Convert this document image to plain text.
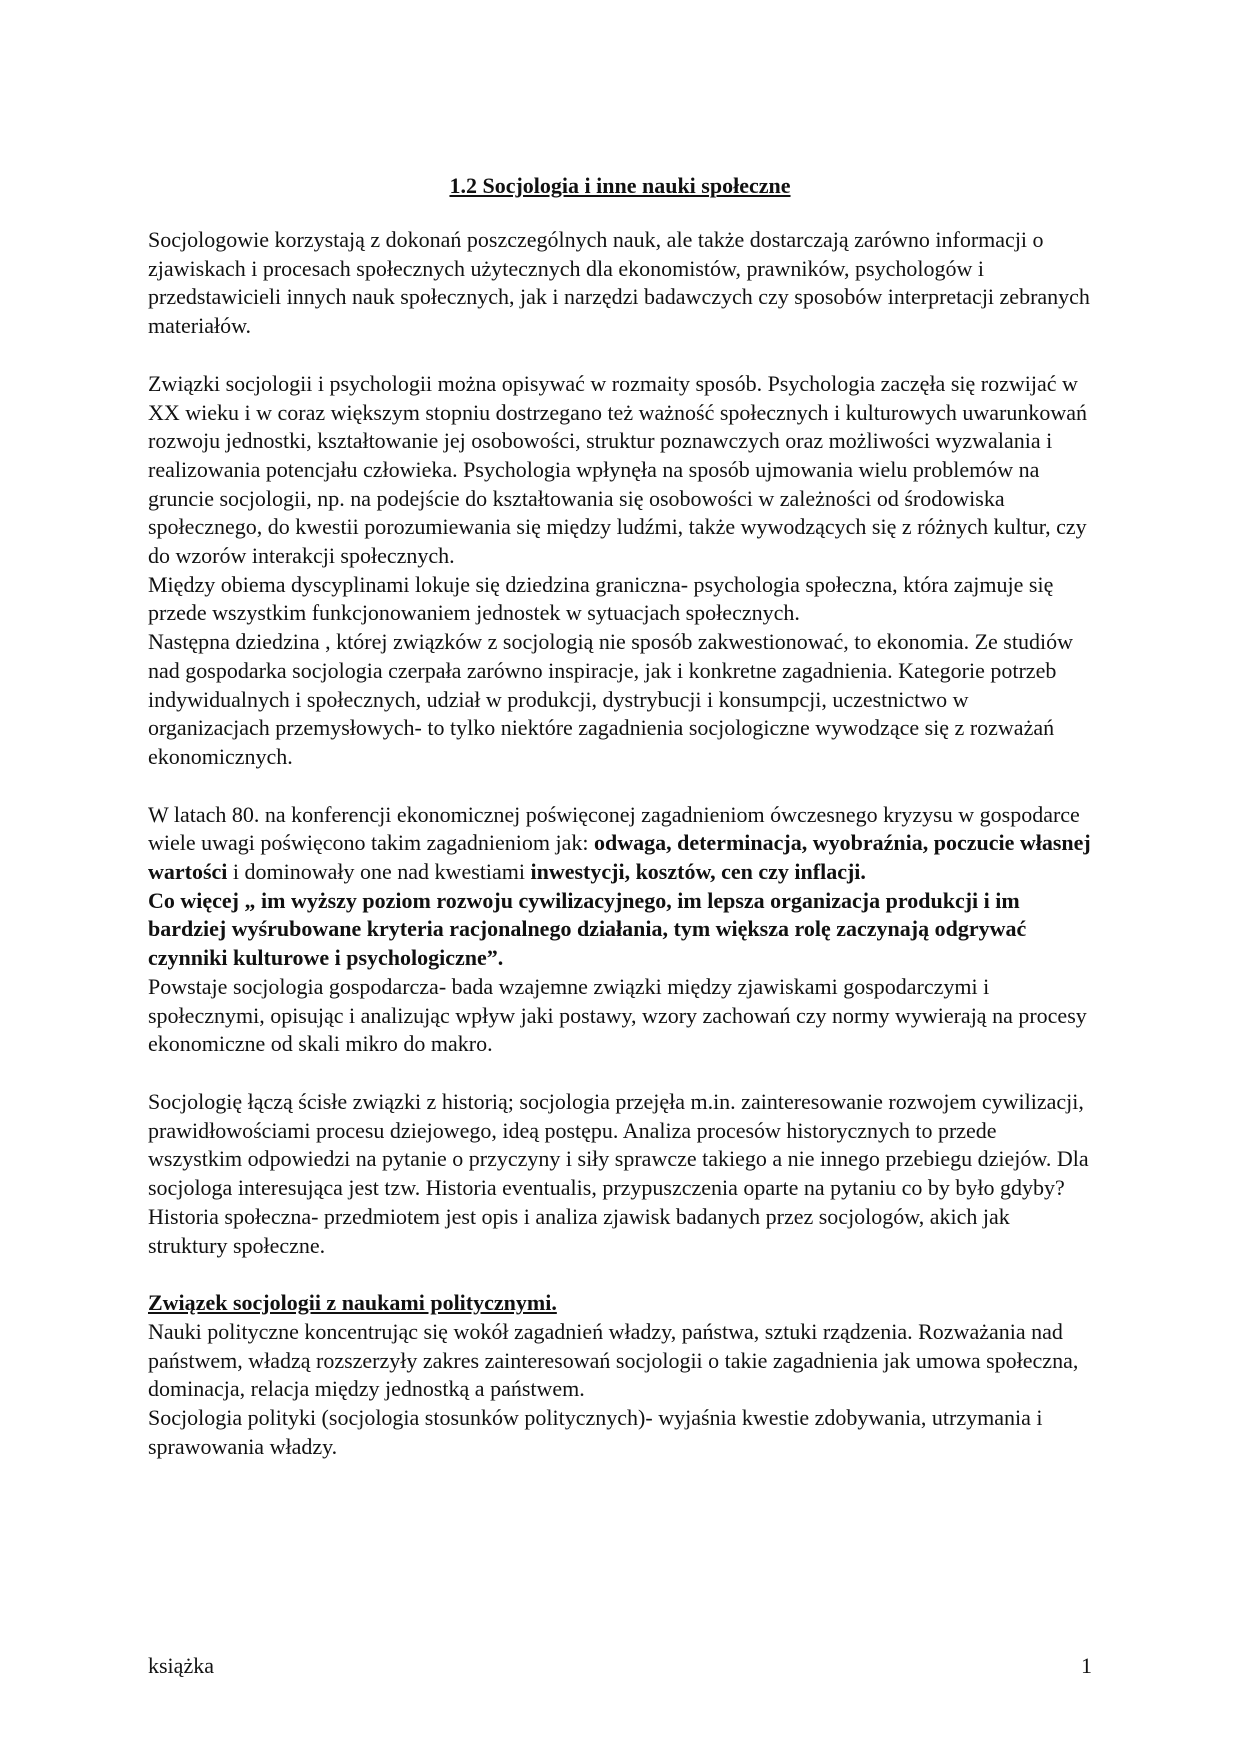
1.2 Socjologia i inne nauki społeczne

Socjologowie korzystają z dokonań poszczególnych nauk, ale także dostarczają zarówno informacji o zjawiskach i procesach społecznych użytecznych dla ekonomistów, prawników, psychologów i przedstawicieli innych nauk społecznych, jak i narzędzi badawczych czy sposobów interpretacji zebranych materiałów.

Związki socjologii i psychologii można opisywać w rozmaity sposób. Psychologia zaczęła się rozwijać w XX wieku i w coraz większym stopniu dostrzegano też ważność społecznych i kulturowych uwarunkowań rozwoju jednostki, kształtowanie jej osobowości, struktur poznawczych oraz możliwości wyzwalania i realizowania potencjału człowieka. Psychologia wpłynęła na sposób ujmowania wielu problemów na gruncie socjologii, np. na podejście do kształtowania się osobowości w zależności od środowiska społecznego, do kwestii porozumiewania się między ludźmi, także wywodzących się z różnych kultur, czy do wzorów interakcji społecznych.

Między obiema dyscyplinami lokuje się dziedzina graniczna- psychologia społeczna, która zajmuje się przede wszystkim funkcjonowaniem jednostek w sytuacjach społecznych.

Następna dziedzina , której związków z socjologią nie sposób zakwestionować, to ekonomia. Ze studiów nad gospodarka socjologia czerpała zarówno inspiracje, jak i konkretne zagadnienia. Kategorie potrzeb indywidualnych i społecznych, udział w produkcji, dystrybucji i konsumpcji, uczestnictwo w organizacjach przemysłowych- to tylko niektóre zagadnienia socjologiczne wywodzące się z rozważań ekonomicznych.

W latach 80. na konferencji ekonomicznej poświęconej zagadnieniom ówczesnego kryzysu w gospodarce wiele uwagi poświęcono takim zagadnieniom jak: odwaga, determinacja, wyobraźnia, poczucie własnej wartości i dominowały one nad kwestiami inwestycji, kosztów, cen czy inflacji.

Co więcej „ im wyższy poziom rozwoju cywilizacyjnego, im lepsza organizacja produkcji i im bardziej wyśrubowane kryteria racjonalnego działania, tym większa rolę zaczynają odgrywać czynniki kulturowe i psychologiczne”.

Powstaje socjologia gospodarcza- bada wzajemne związki między zjawiskami gospodarczymi i społecznymi, opisując i analizując wpływ jaki postawy, wzory zachowań czy normy wywierają na procesy ekonomiczne od skali mikro do makro.

Socjologię łączą ścisłe związki z historią; socjologia przejęła m.in. zainteresowanie rozwojem cywilizacji, prawidłowościami procesu dziejowego, ideą postępu. Analiza procesów historycznych to przede wszystkim odpowiedzi na pytanie o przyczyny i siły sprawcze takiego a nie innego przebiegu dziejów. Dla socjologa interesująca jest tzw. Historia eventualis, przypuszczenia oparte na pytaniu co by było gdyby?

Historia społeczna- przedmiotem jest opis i analiza zjawisk badanych przez socjologów, akich jak struktury społeczne.

Związek socjologii z naukami politycznymi.

Nauki polityczne koncentrując się wokół zagadnień władzy, państwa, sztuki rządzenia. Rozważania nad państwem, władzą rozszerzyły zakres zainteresowań socjologii o takie zagadnienia jak umowa społeczna, dominacja, relacja między jednostką a państwem.

Socjologia polityki (socjologia stosunków politycznych)- wyjaśnia kwestie zdobywania, utrzymania i sprawowania władzy.

książka	1
